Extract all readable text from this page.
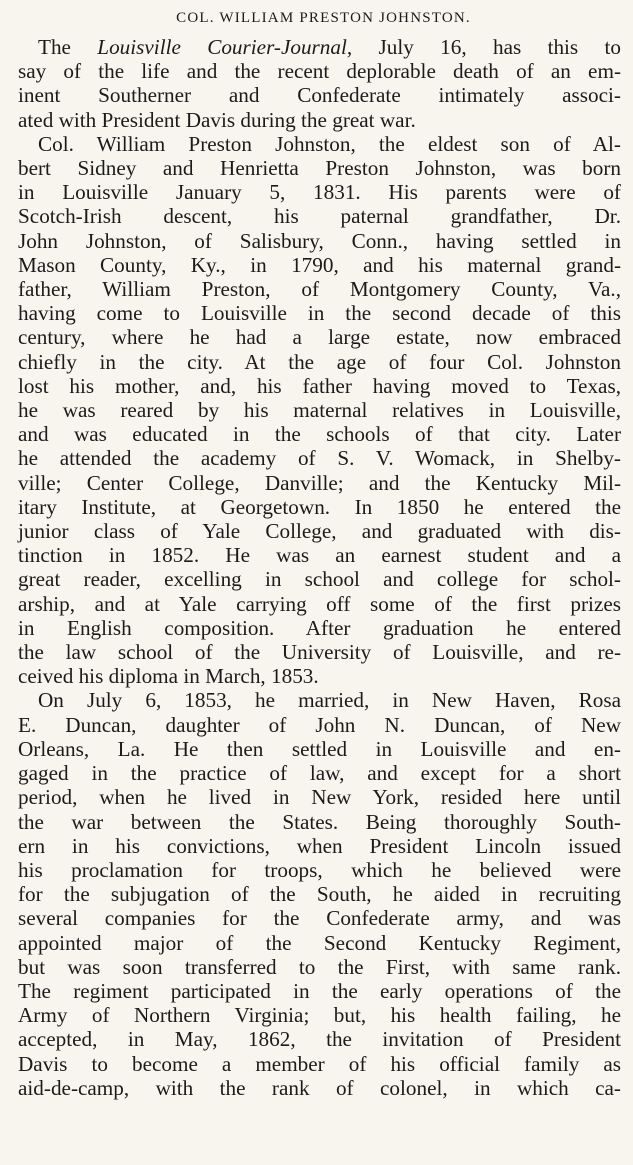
COL. WILLIAM PRESTON JOHNSTON.
The Louisville Courier-Journal, July 16, has this to
say of the life and the recent deplorable death of an em-
inent Southerner and Confederate intimately associ-
ated with President Davis during the great war.
Col. William Preston Johnston, the eldest son of Al-
bert Sidney and Henrietta Preston Johnston, was born
in Louisville January 5, 1831. His parents were of
Scotch-Irish descent, his paternal grandfather, Dr.
John Johnston, of Salisbury, Conn., having settled in
Mason County, Ky., in 1790, and his maternal grand-
father, William Preston, of Montgomery County, Va.,
having come to Louisville in the second decade of this
century, where he had a large estate, now embraced
chiefly in the city. At the age of four Col. Johnston
lost his mother, and, his father having moved to Texas,
he was reared by his maternal relatives in Louisville,
and was educated in the schools of that city. Later
he attended the academy of S. V. Womack, in Shelby-
ville; Center College, Danville; and the Kentucky Mil-
itary Institute, at Georgetown. In 1850 he entered the
junior class of Yale College, and graduated with dis-
tinction in 1852. He was an earnest student and a
great reader, excelling in school and college for schol-
arship, and at Yale carrying off some of the first prizes
in English composition. After graduation he entered
the law school of the University of Louisville, and re-
ceived his diploma in March, 1853.
On July 6, 1853, he married, in New Haven, Rosa
E. Duncan, daughter of John N. Duncan, of New
Orleans, La. He then settled in Louisville and en-
gaged in the practice of law, and except for a short
period, when he lived in New York, resided here until
the war between the States. Being thoroughly South-
ern in his convictions, when President Lincoln issued
his proclamation for troops, which he believed were
for the subjugation of the South, he aided in recruiting
several companies for the Confederate army, and was
appointed major of the Second Kentucky Regiment,
but was soon transferred to the First, with same rank.
The regiment participated in the early operations of the
Army of Northern Virginia; but, his health failing, he
accepted, in May, 1862, the invitation of President
Davis to become a member of his official family as
aid-de-camp, with the rank of colonel, in which ca-
